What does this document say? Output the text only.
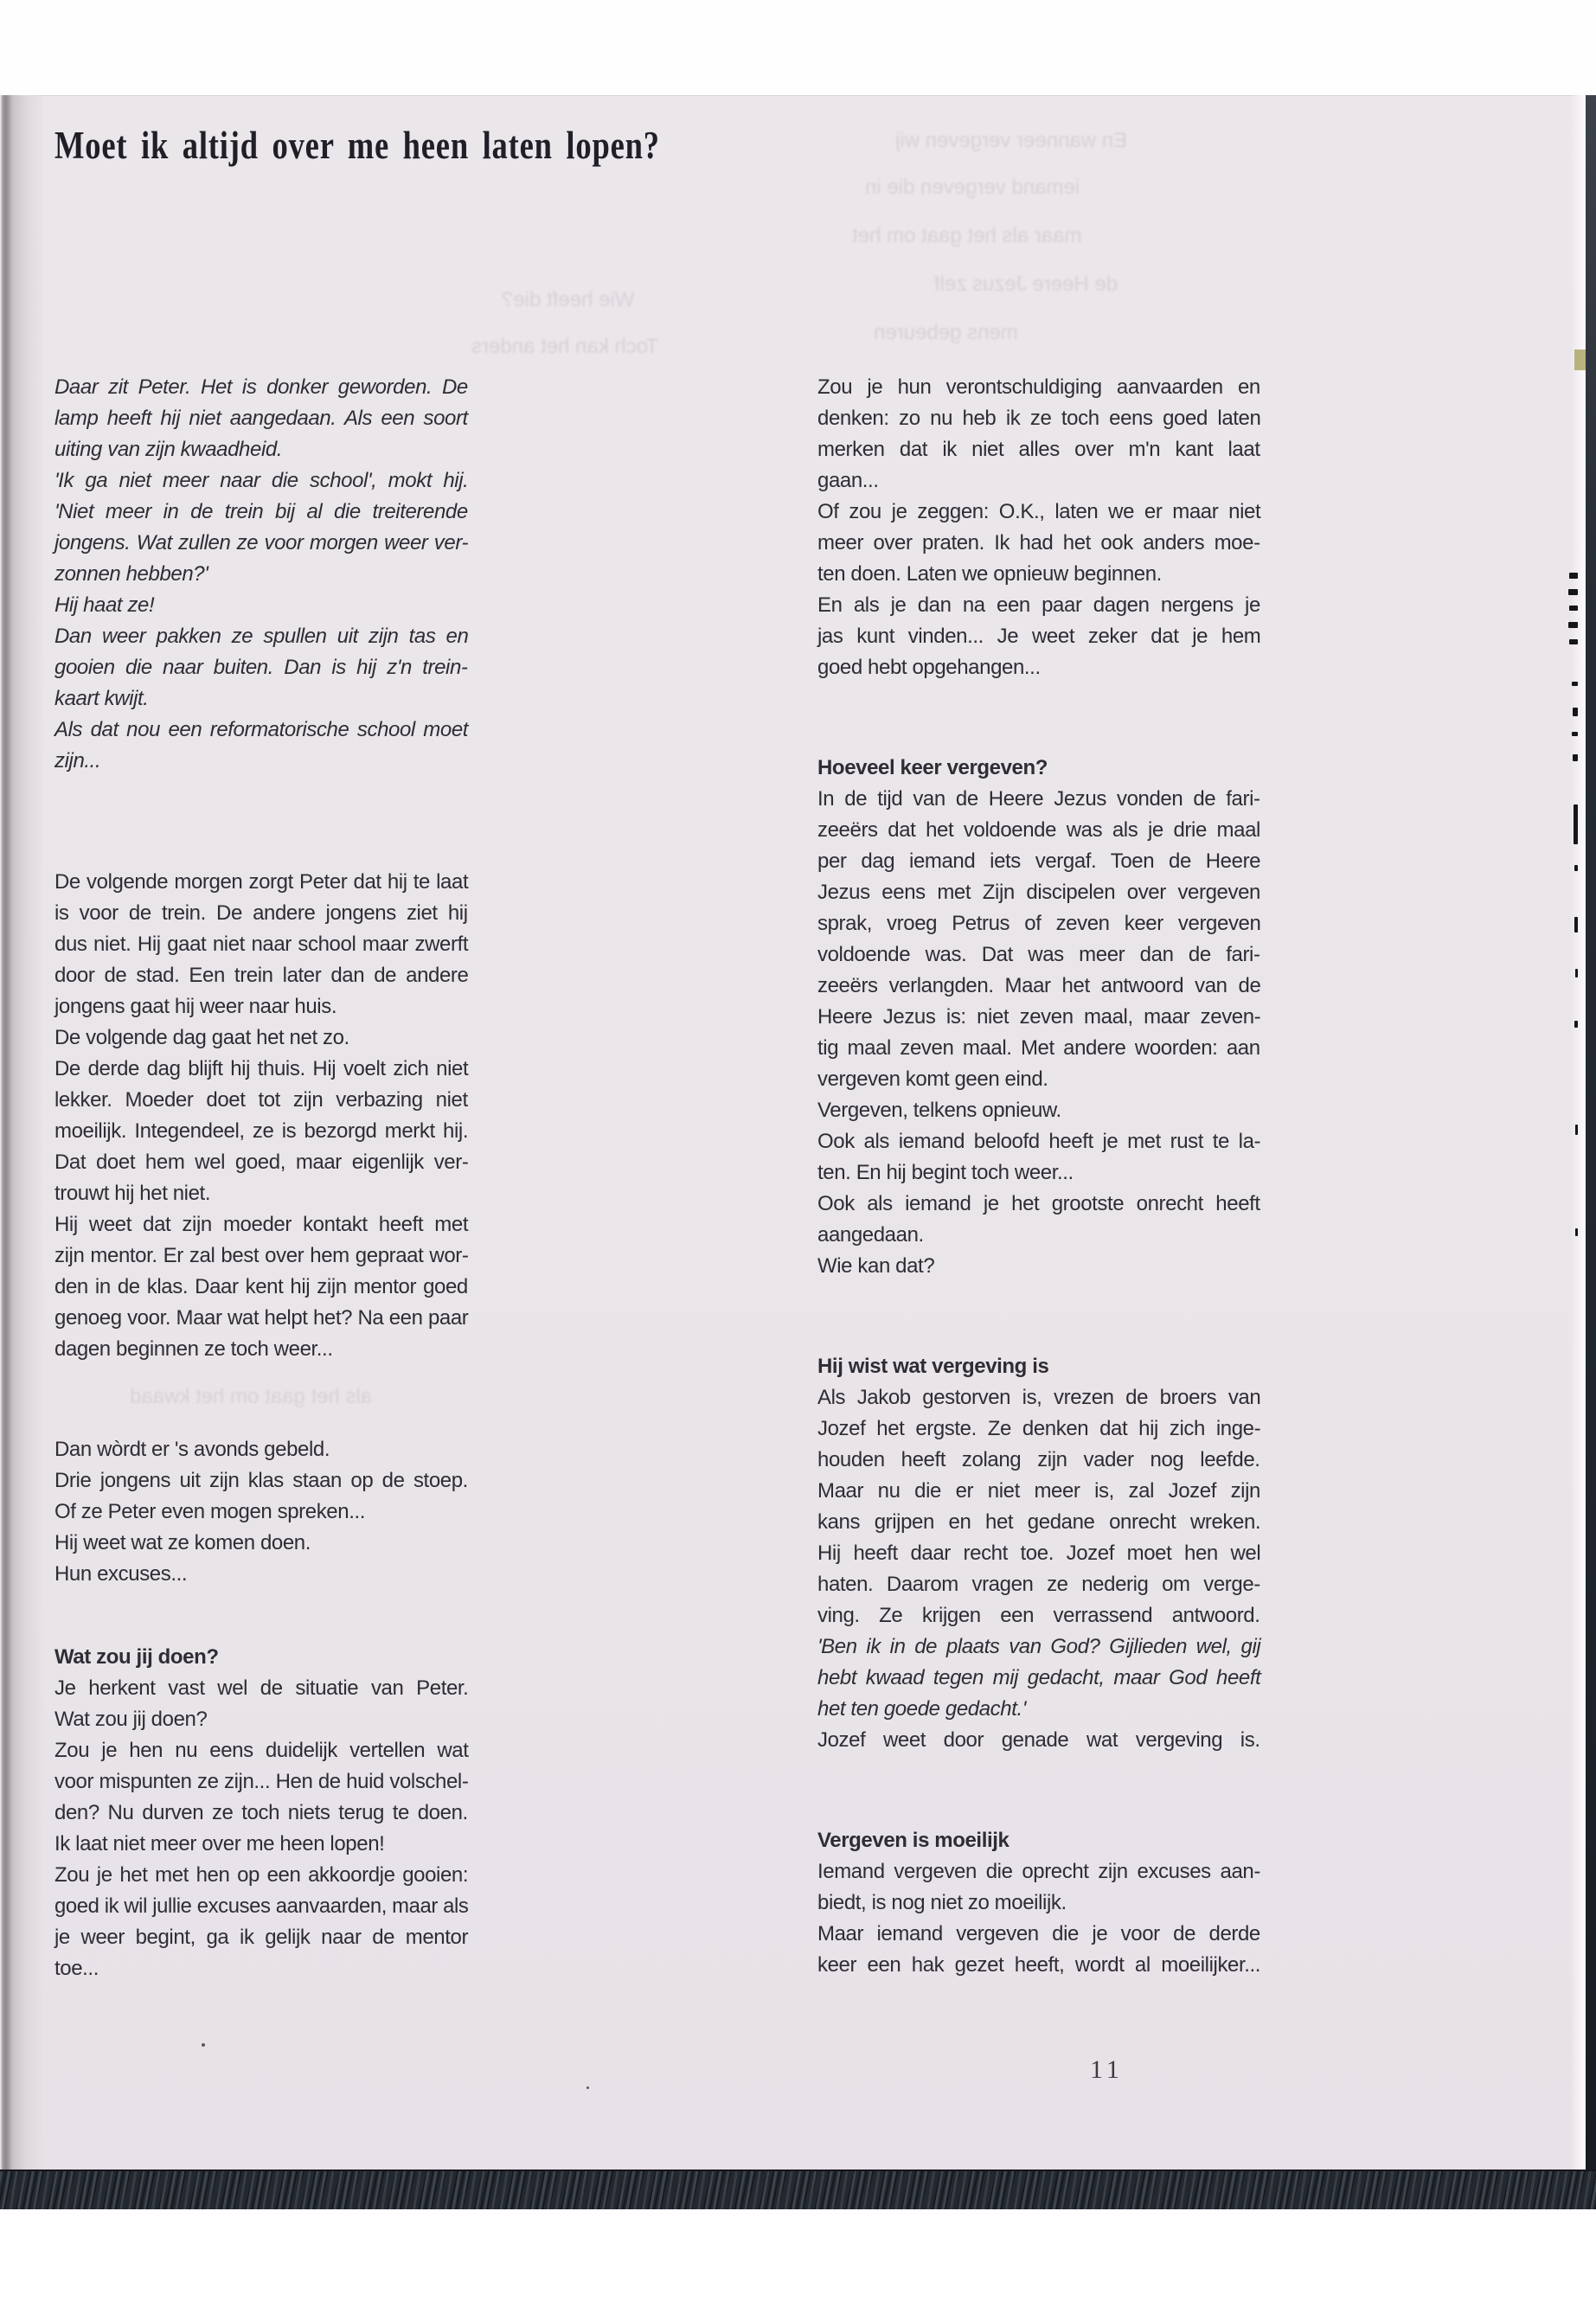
Wie heeft die?
Toch kan het anders
En wanneer vergeven wij
iemand vergeven die in
maar als het gaat om het
de Heere Jezus zelf
mens gebeuren
als het gaat om het kwaad
Moet ik altijd over me heen laten lopen?
Daar zit Peter. Het is donker geworden. De
lamp heeft hij niet aangedaan. Als een soort
uiting van zijn kwaadheid.
'Ik ga niet meer naar die school', mokt hij.
'Niet meer in de trein bij al die treiterende
jongens. Wat zullen ze voor morgen weer ver-
zonnen hebben?'
Hij haat ze!
Dan weer pakken ze spullen uit zijn tas en
gooien die naar buiten. Dan is hij z'n trein-
kaart kwijt.
Als dat nou een reformatorische school moet
zijn...
De volgende morgen zorgt Peter dat hij te laat
is voor de trein. De andere jongens ziet hij
dus niet. Hij gaat niet naar school maar zwerft
door de stad. Een trein later dan de andere
jongens gaat hij weer naar huis.
De volgende dag gaat het net zo.
De derde dag blijft hij thuis. Hij voelt zich niet
lekker. Moeder doet tot zijn verbazing niet
moeilijk. Integendeel, ze is bezorgd merkt hij.
Dat doet hem wel goed, maar eigenlijk ver-
trouwt hij het niet.
Hij weet dat zijn moeder kontakt heeft met
zijn mentor. Er zal best over hem gepraat wor-
den in de klas. Daar kent hij zijn mentor goed
genoeg voor. Maar wat helpt het? Na een paar
dagen beginnen ze toch weer...
Dan wòrdt er 's avonds gebeld.
Drie jongens uit zijn klas staan op de stoep.
Of ze Peter even mogen spreken...
Hij weet wat ze komen doen.
Hun excuses...
Wat zou jij doen?
Je herkent vast wel de situatie van Peter.
Wat zou jij doen?
Zou je hen nu eens duidelijk vertellen wat
voor mispunten ze zijn... Hen de huid volschel-
den? Nu durven ze toch niets terug te doen.
Ik laat niet meer over me heen lopen!
Zou je het met hen op een akkoordje gooien:
goed ik wil jullie excuses aanvaarden, maar als
je weer begint, ga ik gelijk naar de mentor
toe...
Zou je hun verontschuldiging aanvaarden en
denken: zo nu heb ik ze toch eens goed laten
merken dat ik niet alles over m'n kant laat
gaan...
Of zou je zeggen: O.K., laten we er maar niet
meer over praten. Ik had het ook anders moe-
ten doen. Laten we opnieuw beginnen.
En als je dan na een paar dagen nergens je
jas kunt vinden... Je weet zeker dat je hem
goed hebt opgehangen...
Hoeveel keer vergeven?
In de tijd van de Heere Jezus vonden de fari-
zeeërs dat het voldoende was als je drie maal
per dag iemand iets vergaf. Toen de Heere
Jezus eens met Zijn discipelen over vergeven
sprak, vroeg Petrus of zeven keer vergeven
voldoende was. Dat was meer dan de fari-
zeeërs verlangden. Maar het antwoord van de
Heere Jezus is: niet zeven maal, maar zeven-
tig maal zeven maal. Met andere woorden: aan
vergeven komt geen eind.
Vergeven, telkens opnieuw.
Ook als iemand beloofd heeft je met rust te la-
ten. En hij begint toch weer...
Ook als iemand je het grootste onrecht heeft
aangedaan.
Wie kan dat?
Hij wist wat vergeving is
Als Jakob gestorven is, vrezen de broers van
Jozef het ergste. Ze denken dat hij zich inge-
houden heeft zolang zijn vader nog leefde.
Maar nu die er niet meer is, zal Jozef zijn
kans grijpen en het gedane onrecht wreken.
Hij heeft daar recht toe. Jozef moet hen wel
haten. Daarom vragen ze nederig om verge-
ving. Ze krijgen een verrassend antwoord.
'Ben ik in de plaats van God? Gijlieden wel, gij
hebt kwaad tegen mij gedacht, maar God heeft
het ten goede gedacht.'
Jozef weet door genade wat vergeving is.
Vergeven is moeilijk
Iemand vergeven die oprecht zijn excuses aan-
biedt, is nog niet zo moeilijk.
Maar iemand vergeven die je voor de derde
keer een hak gezet heeft, wordt al moeilijker...
11
